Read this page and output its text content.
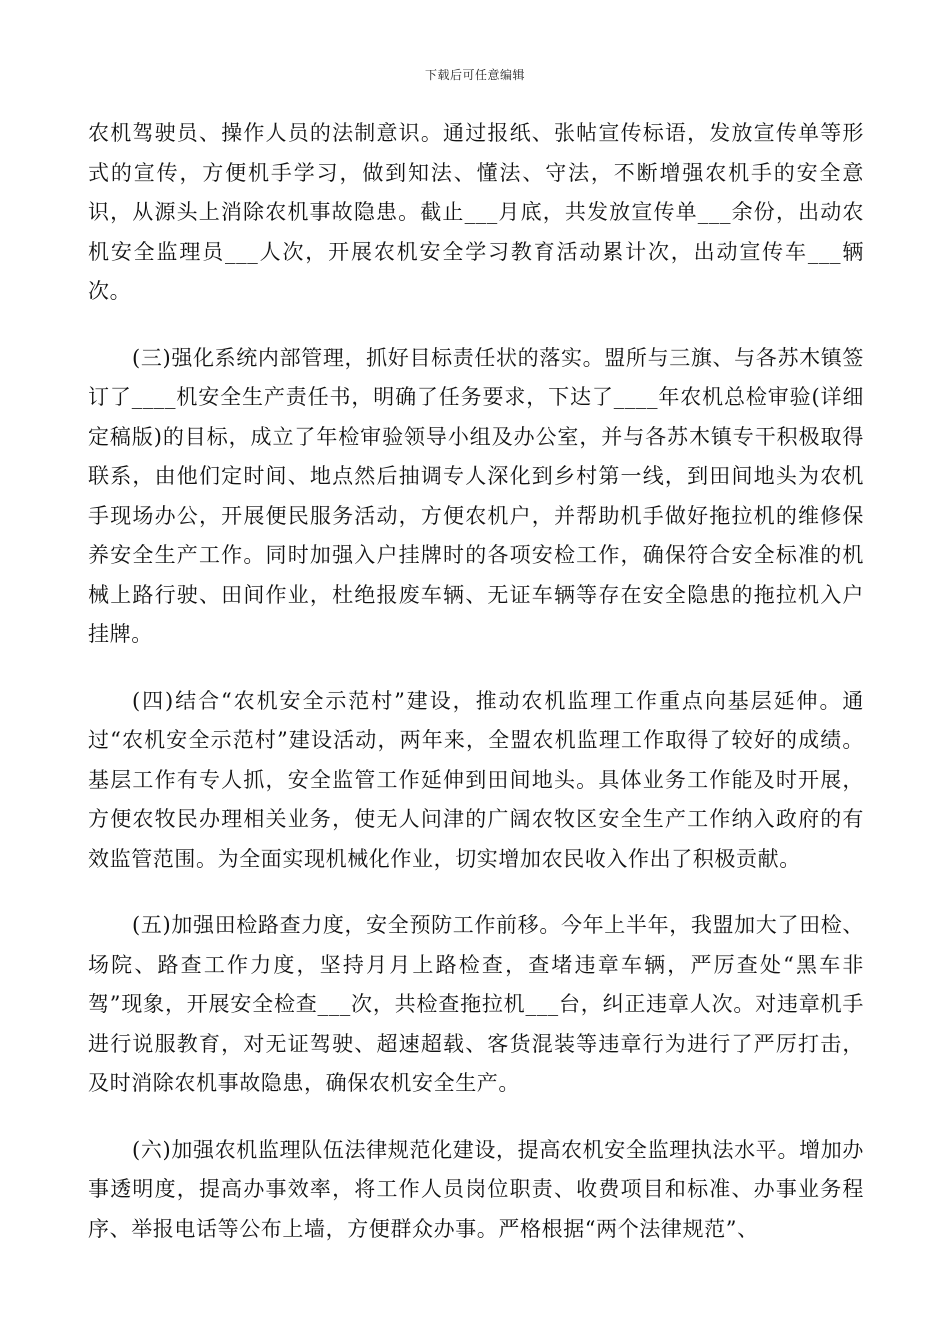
下载后可任意编辑

农机驾驶员、操作人员的法制意识。通过报纸、张帖宣传标语，发放宣传单等形式的宣传，方便机手学习，做到知法、懂法、守法，不断增强农机手的安全意识，从源头上消除农机事故隐患。截止___月底，共发放宣传单___余份，出动农机安全监理员___人次，开展农机安全学习教育活动累计次，出动宣传车___辆次。

(三)强化系统内部管理，抓好目标责任状的落实。盟所与三旗、与各苏木镇签订了____机安全生产责任书，明确了任务要求，下达了____年农机总检审验(详细定稿版)的目标，成立了年检审验领导小组及办公室，并与各苏木镇专干积极取得联系，由他们定时间、地点然后抽调专人深化到乡村第一线，到田间地头为农机手现场办公，开展便民服务活动，方便农机户，并帮助机手做好拖拉机的维修保养安全生产工作。同时加强入户挂牌时的各项安检工作，确保符合安全标准的机械上路行驶、田间作业，杜绝报废车辆、无证车辆等存在安全隐患的拖拉机入户挂牌。

(四)结合“农机安全示范村”建设，推动农机监理工作重点向基层延伸。通过“农机安全示范村”建设活动，两年来，全盟农机监理工作取得了较好的成绩。基层工作有专人抓，安全监管工作延伸到田间地头。具体业务工作能及时开展，方便农牧民办理相关业务，使无人问津的广阔农牧区安全生产工作纳入政府的有效监管范围。为全面实现机械化作业，切实增加农民收入作出了积极贡献。

(五)加强田检路查力度，安全预防工作前移。今年上半年，我盟加大了田检、场院、路查工作力度，坚持月月上路检查，查堵违章车辆，严厉查处“黑车非驾”现象，开展安全检查___次，共检查拖拉机___台，纠正违章人次。对违章机手进行说服教育，对无证驾驶、超速超载、客货混装等违章行为进行了严厉打击，及时消除农机事故隐患，确保农机安全生产。

(六)加强农机监理队伍法律规范化建设，提高农机安全监理执法水平。增加办事透明度，提高办事效率，将工作人员岗位职责、收费项目和标准、办事业务程序、举报电话等公布上墙，方便群众办事。严格根据“两个法律规范”、
